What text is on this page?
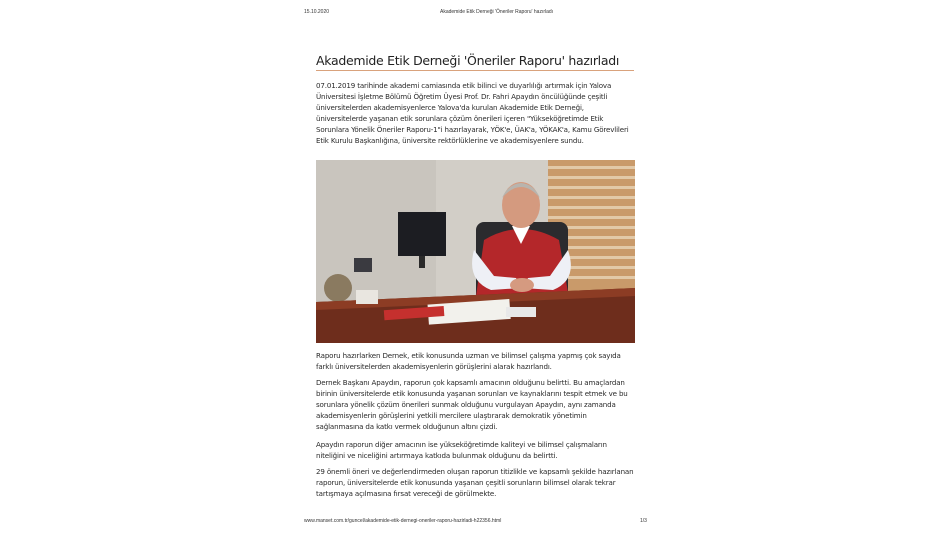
15.10.2020	Akademide Etik Derneği 'Öneriler Raporu' hazırladı
Akademide Etik Derneği 'Öneriler Raporu' hazırladı
07.01.2019 tarihinde akademi camiasında etik bilinci ve duyarlılığı artırmak için Yalova Üniversitesi İşletme Bölümü Öğretim Üyesi Prof. Dr. Fahri Apaydın öncülüğünde çeşitli üniversitelerden akademisyenlerce Yalova'da kurulan Akademide Etik Derneği, üniversitelerde yaşanan etik sorunlara çözüm önerileri içeren "Yükseköğretimde Etik Sorunlara Yönelik Öneriler Raporu-1"i hazırlayarak, YÖK'e, ÜAK'a, YÖKAK'a, Kamu Görevlileri Etik Kurulu Başkanlığına, üniversite rektörlüklerine ve akademisyenlere sundu.
Raporu hazırlarken Dernek, etik konusunda uzman ve bilimsel çalışma yapmış çok sayıda farklı üniversitelerden akademisyenlerin görüşlerini alarak hazırlandı.
Dernek Başkanı Apaydın, raporun çok kapsamlı amacının olduğunu belirtti. Bu amaçlardan birinin üniversitelerde etik konusunda yaşanan sorunları ve kaynaklarını tespit etmek ve bu sorunlara yönelik çözüm önerileri sunmak olduğunu vurgulayan Apaydın, aynı zamanda akademisyenlerin görüşlerini yetkili mercilere ulaştırarak demokratik yönetimin sağlanmasına da katkı vermek olduğunun altını çizdi.
Apaydın raporun diğer amacının ise yükseköğretimde kaliteyi ve bilimsel çalışmaların niteliğini ve niceliğini artırmaya katkıda bulunmak olduğunu da belirtti.
29 önemli öneri ve değerlendirmeden oluşan raporun titizlikle ve kapsamlı şekilde hazırlanan raporun, üniversitelerde etik konusunda yaşanan çeşitli sorunların bilimsel olarak tekrar tartışmaya açılmasına fırsat vereceği de görülmekte.
www.manset.com.tr/guncel/akademide-etik-dernegi-oneriler-raporu-hazirladi-h22356.html	1/3
